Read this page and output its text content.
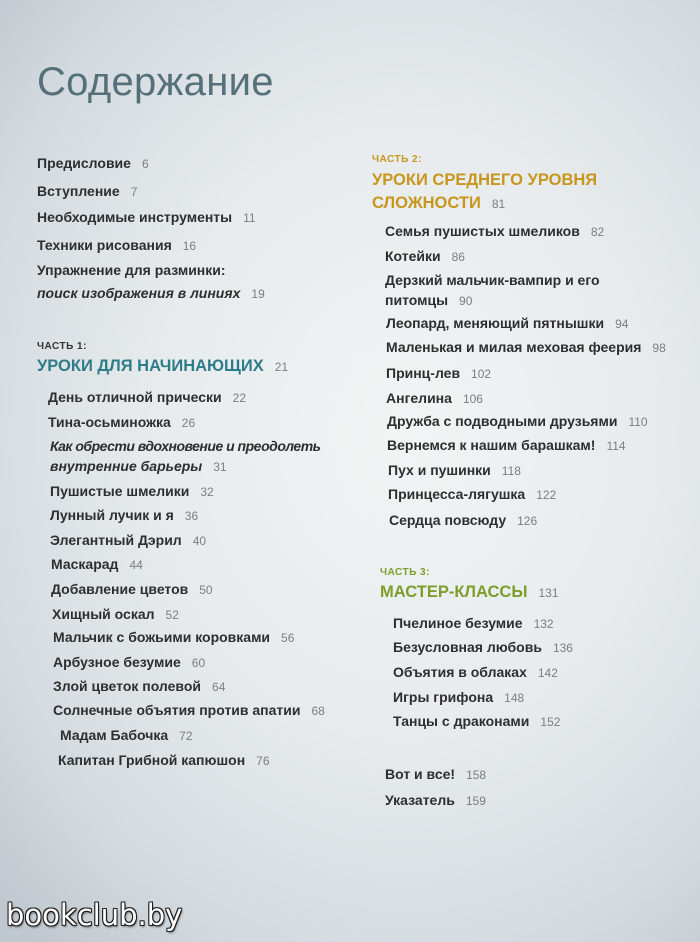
Содержание
Предисловие 6
Вступление 7
Необходимые инструменты 11
Техники рисования 16
Упражнение для разминки:
поиск изображения в линиях 19
ЧАСТЬ 1:
УРОКИ ДЛЯ НАЧИНАЮЩИХ 21
День отличной прически 22
Тина-осьминожка 26
Как обрести вдохновение и преодолеть
внутренние барьеры 31
Пушистые шмелики 32
Лунный лучик и я 36
Элегантный Дэрил 40
Маскарад 44
Добавление цветов 50
Хищный оскал 52
Мальчик с божьими коровками 56
Арбузное безумие 60
Злой цветок полевой 64
Солнечные объятия против апатии 68
Мадам Бабочка 72
Капитан Грибной капюшон 76
ЧАСТЬ 2:
УРОКИ СРЕДНЕГО УРОВНЯ
СЛОЖНОСТИ 81
Семья пушистых шмеликов 82
Котейки 86
Дерзкий мальчик-вампир и его
питомцы 90
Леопард, меняющий пятнышки 94
Маленькая и милая меховая феерия 98
Принц-лев 102
Ангелина 106
Дружба с подводными друзьями 110
Вернемся к нашим барашкам! 114
Пух и пушинки 118
Принцесса-лягушка 122
Сердца повсюду 126
ЧАСТЬ 3:
МАСТЕР-КЛАССЫ 131
Пчелиное безумие 132
Безусловная любовь 136
Объятия в облаках 142
Игры грифона 148
Танцы с драконами 152
Вот и все! 158
Указатель 159
bookclub.by
